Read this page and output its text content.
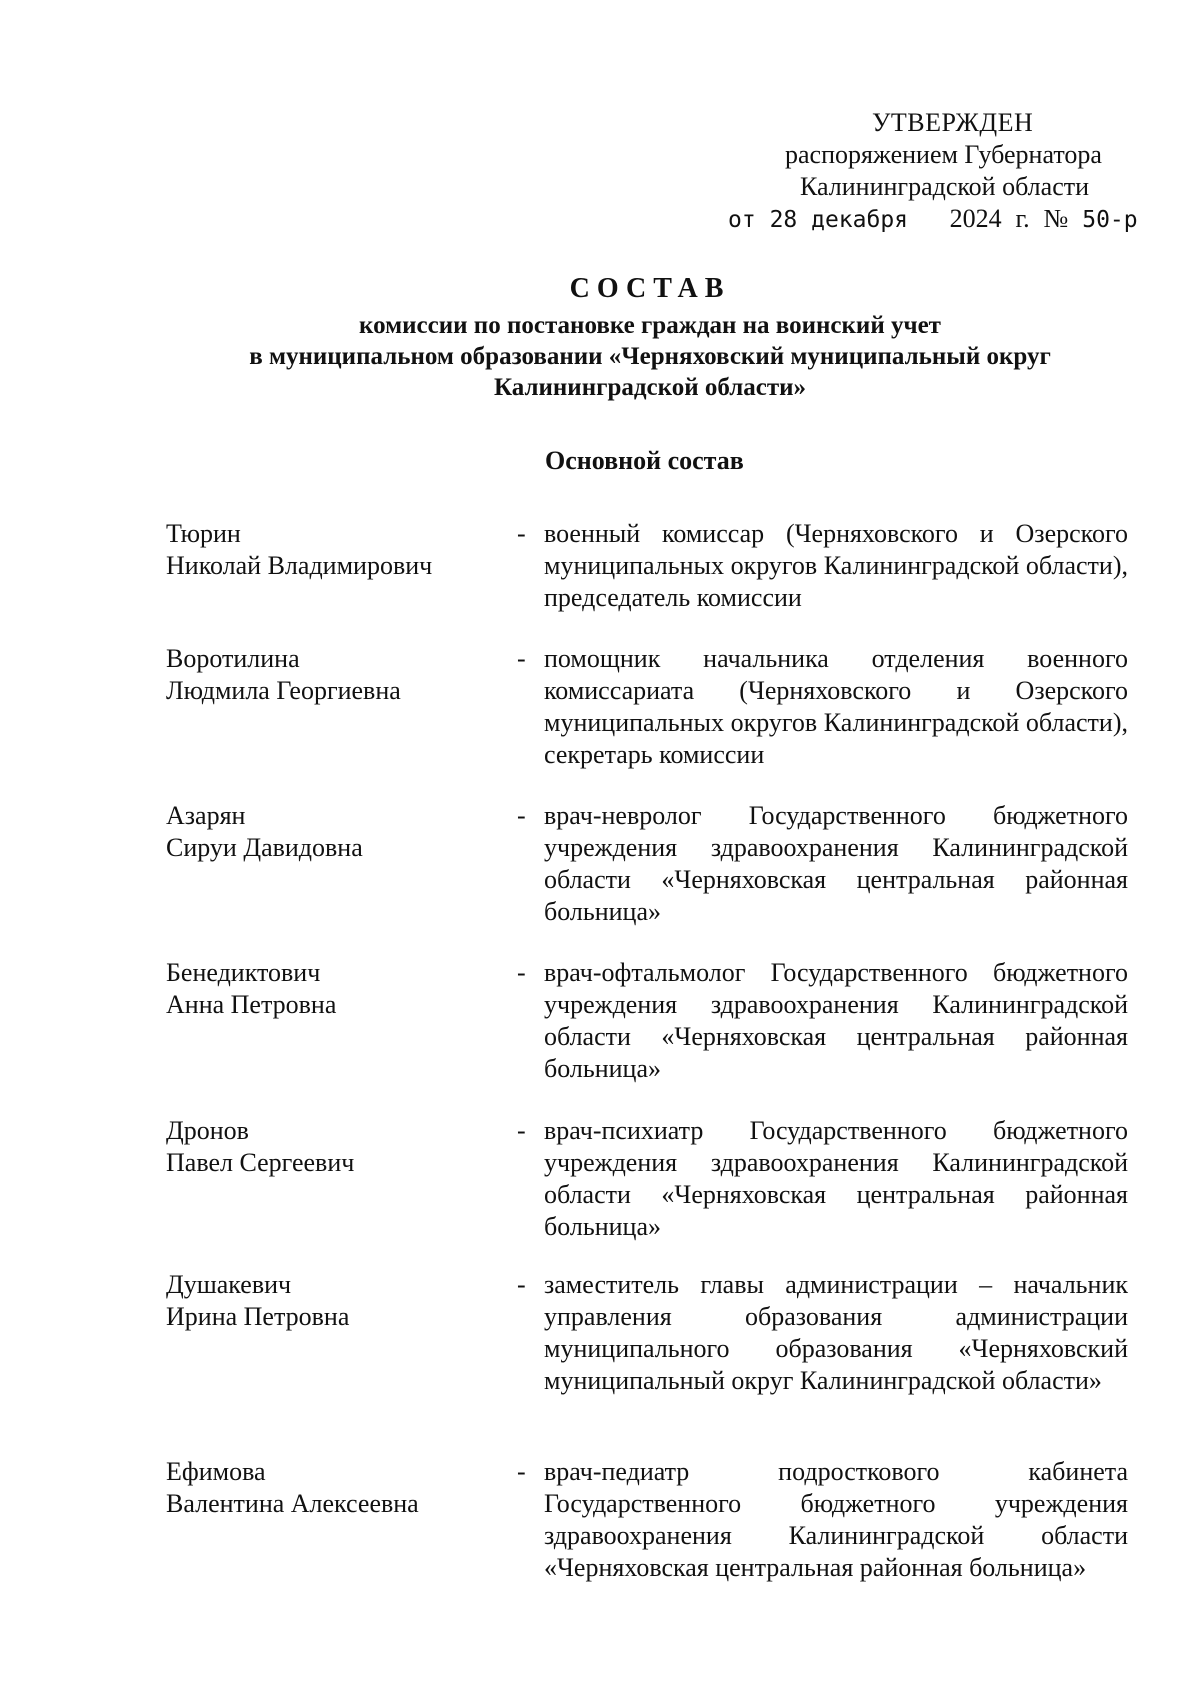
УТВЕРЖДЕН
распоряжением Губернатора
Калининградской области
от 28 декабря 2024 г. № 50-р
СОСТАВ
комиссии по постановке граждан на воинский учет
в муниципальном образовании «Черняховский муниципальный округ
Калининградской области»
Основной состав
Тюрин
Николай Владимирович
- военный комиссар (Черняховского и Озерского муниципальных округов Калининградской области), председатель комиссии
Воротилина
Людмила Георгиевна
- помощник начальника отделения военного комиссариата (Черняховского и Озерского муниципальных округов Калининградской области), секретарь комиссии
Азарян
Сируи Давидовна
- врач-невролог Государственного бюджетного учреждения здравоохранения Калининградской области «Черняховская центральная районная больница»
Бенедиктович
Анна Петровна
- врач-офтальмолог Государственного бюджетного учреждения здравоохранения Калининградской области «Черняховская центральная районная больница»
Дронов
Павел Сергеевич
- врач-психиатр Государственного бюджетного учреждения здравоохранения Калининградской области «Черняховская центральная районная больница»
Душакевич
Ирина Петровна
- заместитель главы администрации – начальник управления образования администрации муниципального образования «Черняховский муниципальный округ Калининградской области»
Ефимова
Валентина Алексеевна
- врач-педиатр подросткового кабинета Государственного бюджетного учреждения здравоохранения Калининградской области «Черняховская центральная районная больница»
